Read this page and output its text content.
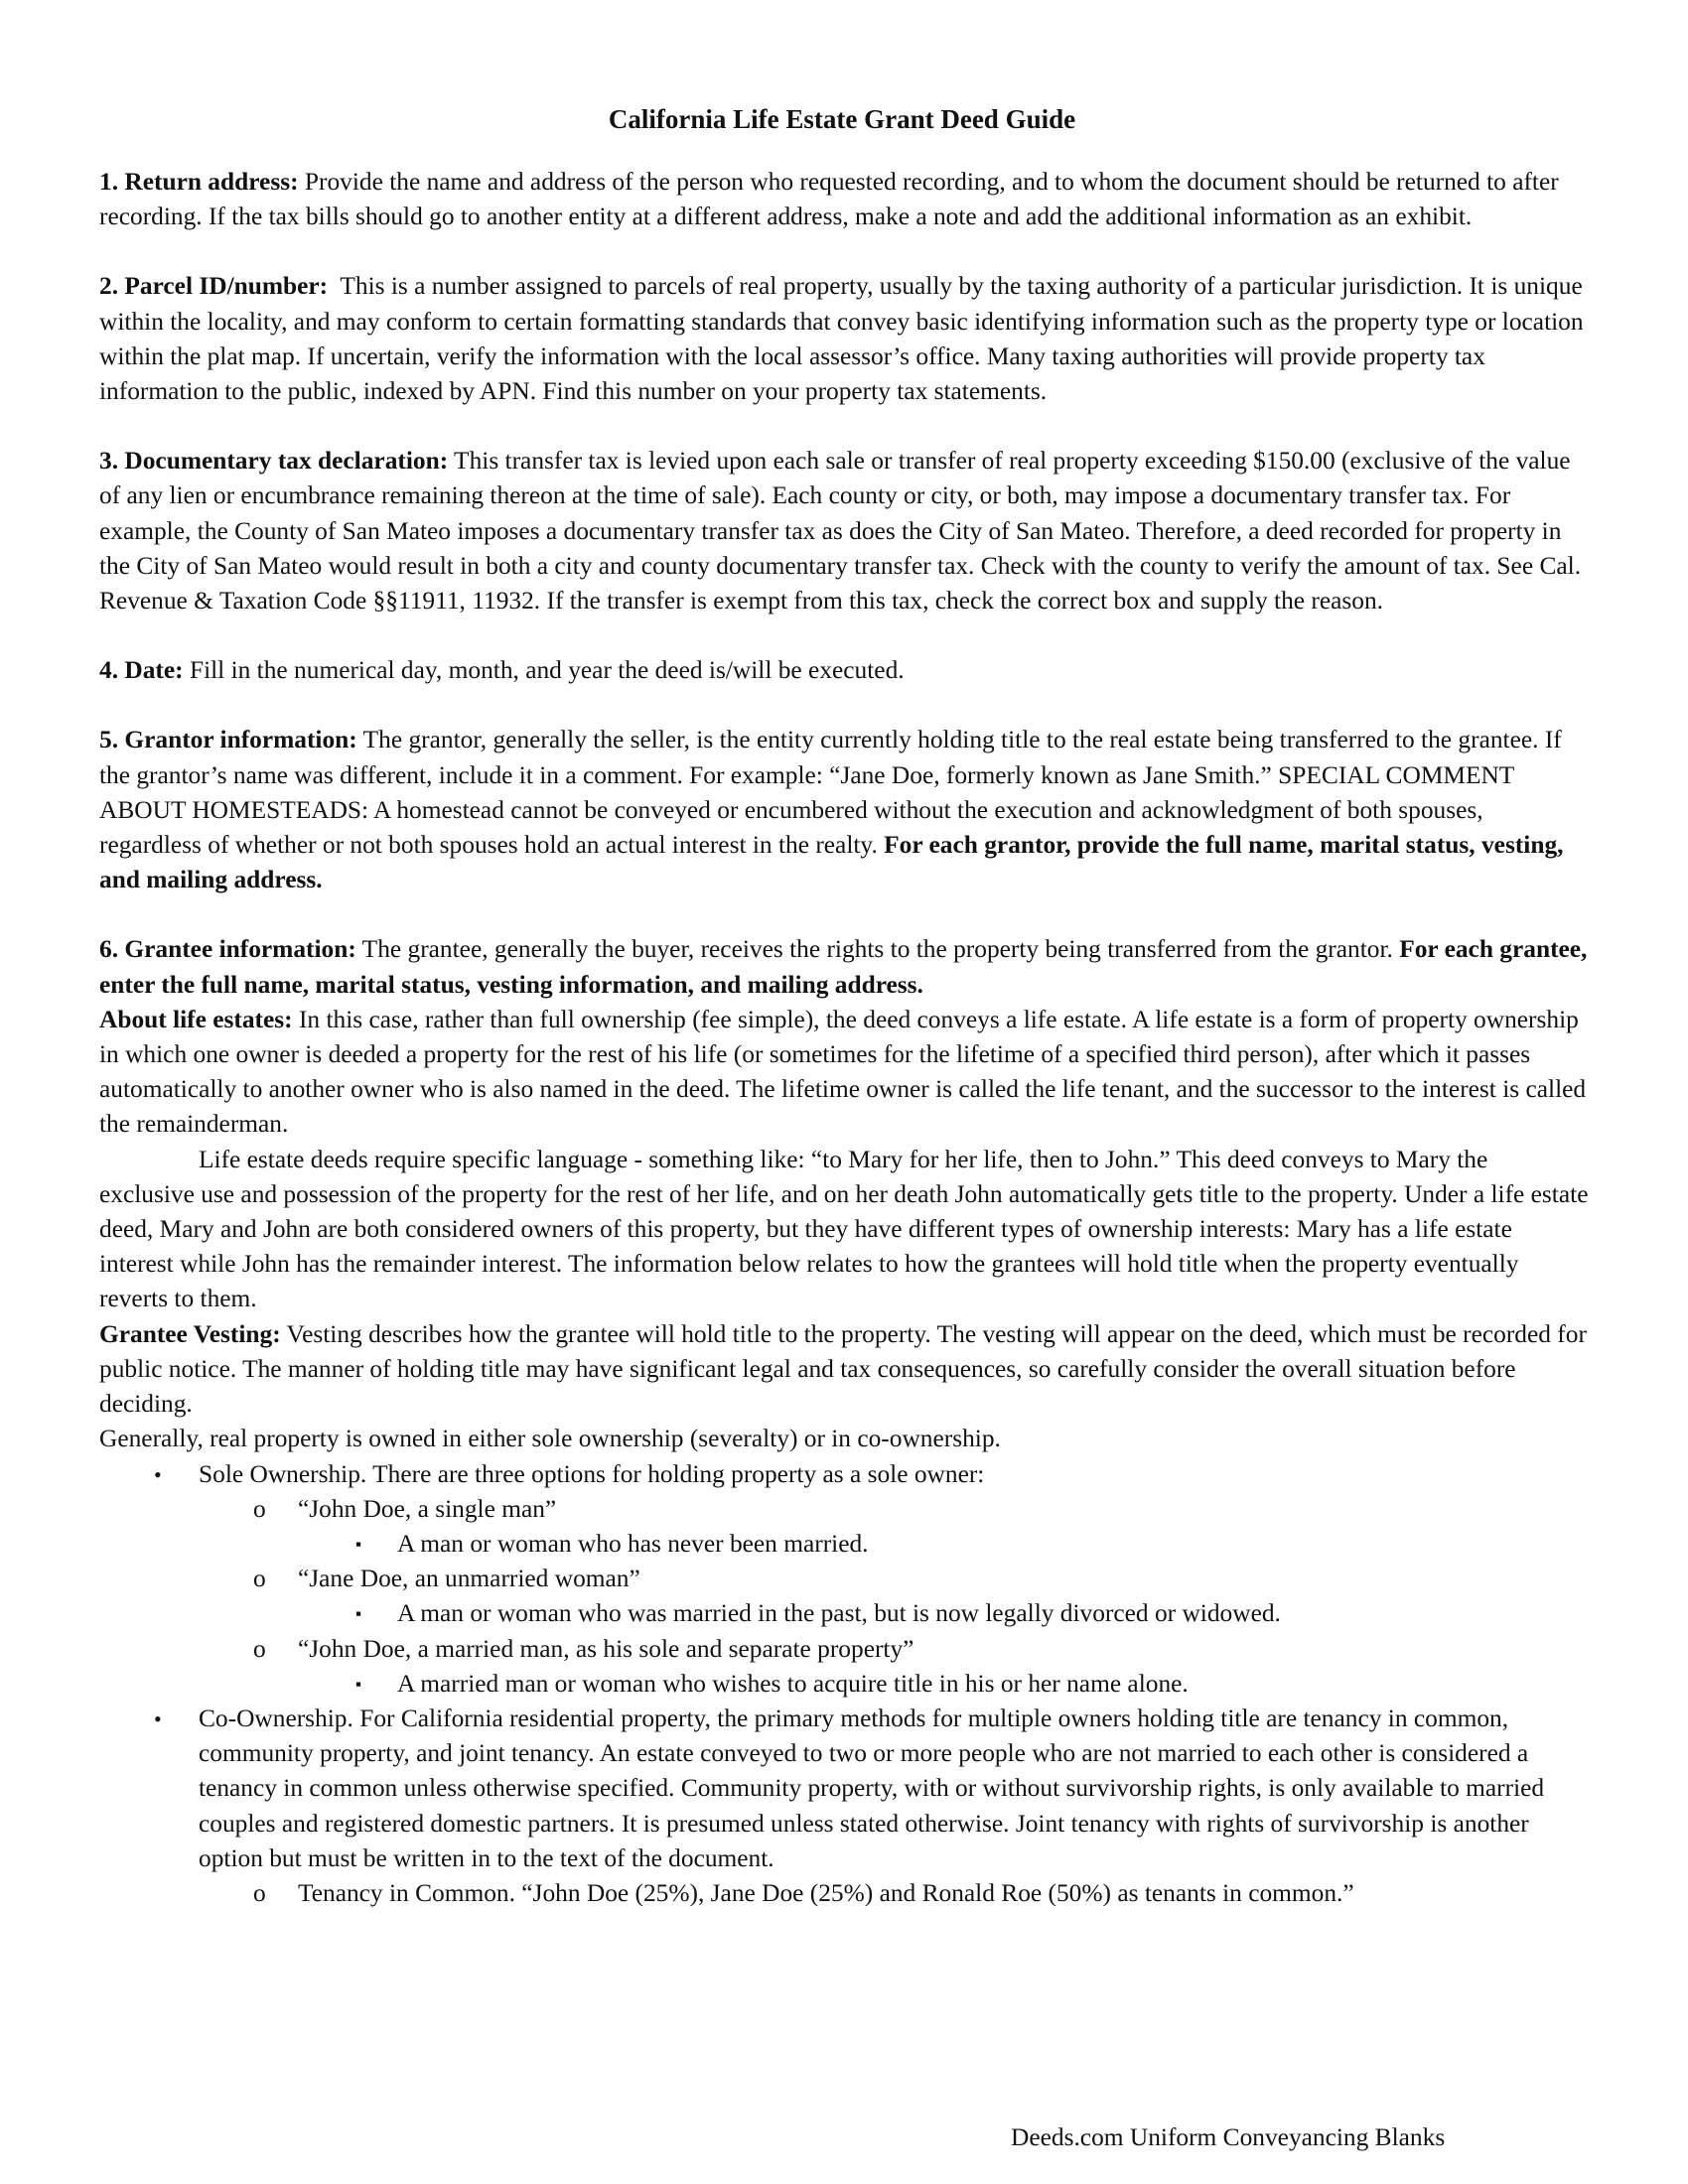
California Life Estate Grant Deed Guide

1. Return address: Provide the name and address of the person who requested recording, and to whom the document should be returned to after recording. If the tax bills should go to another entity at a different address, make a note and add the additional information as an exhibit.

2. Parcel ID/number:  This is a number assigned to parcels of real property, usually by the taxing authority of a particular jurisdiction. It is unique within the locality, and may conform to certain formatting standards that convey basic identifying information such as the property type or location within the plat map. If uncertain, verify the information with the local assessor’s office. Many taxing authorities will provide property tax information to the public, indexed by APN. Find this number on your property tax statements.

3. Documentary tax declaration: This transfer tax is levied upon each sale or transfer of real property exceeding $150.00 (exclusive of the value of any lien or encumbrance remaining thereon at the time of sale). Each county or city, or both, may impose a documentary transfer tax. For example, the County of San Mateo imposes a documentary transfer tax as does the City of San Mateo. Therefore, a deed recorded for property in the City of San Mateo would result in both a city and county documentary transfer tax. Check with the county to verify the amount of tax. See Cal. Revenue & Taxation Code §§11911, 11932. If the transfer is exempt from this tax, check the correct box and supply the reason.

4. Date: Fill in the numerical day, month, and year the deed is/will be executed.

5. Grantor information: The grantor, generally the seller, is the entity currently holding title to the real estate being transferred to the grantee. If the grantor’s name was different, include it in a comment. For example: “Jane Doe, formerly known as Jane Smith.” SPECIAL COMMENT ABOUT HOMESTEADS: A homestead cannot be conveyed or encumbered without the execution and acknowledgment of both spouses, regardless of whether or not both spouses hold an actual interest in the realty. For each grantor, provide the full name, marital status, vesting, and mailing address.

6. Grantee information: The grantee, generally the buyer, receives the rights to the property being transferred from the grantor. For each grantee, enter the full name, marital status, vesting information, and mailing address.

About life estates: In this case, rather than full ownership (fee simple), the deed conveys a life estate. A life estate is a form of property ownership in which one owner is deeded a property for the rest of his life (or sometimes for the lifetime of a specified third person), after which it passes automatically to another owner who is also named in the deed. The lifetime owner is called the life tenant, and the successor to the interest is called the remainderman.

Life estate deeds require specific language - something like: “to Mary for her life, then to John.” This deed conveys to Mary the exclusive use and possession of the property for the rest of her life, and on her death John automatically gets title to the property. Under a life estate deed, Mary and John are both considered owners of this property, but they have different types of ownership interests: Mary has a life estate interest while John has the remainder interest. The information below relates to how the grantees will hold title when the property eventually reverts to them.

Grantee Vesting: Vesting describes how the grantee will hold title to the property. The vesting will appear on the deed, which must be recorded for public notice. The manner of holding title may have significant legal and tax consequences, so carefully consider the overall situation before deciding.

Generally, real property is owned in either sole ownership (severalty) or in co-ownership.

• Sole Ownership. There are three options for holding property as a sole owner:
o “John Doe, a single man”
▪ A man or woman who has never been married.
o “Jane Doe, an unmarried woman”
▪ A man or woman who was married in the past, but is now legally divorced or widowed.
o “John Doe, a married man, as his sole and separate property”
▪ A married man or woman who wishes to acquire title in his or her name alone.
• Co-Ownership. For California residential property, the primary methods for multiple owners holding title are tenancy in common, community property, and joint tenancy. An estate conveyed to two or more people who are not married to each other is considered a tenancy in common unless otherwise specified. Community property, with or without survivorship rights, is only available to married couples and registered domestic partners. It is presumed unless stated otherwise. Joint tenancy with rights of survivorship is another option but must be written in to the text of the document.
o Tenancy in Common. “John Doe (25%), Jane Doe (25%) and Ronald Roe (50%) as tenants in common.”
Deeds.com Uniform Conveyancing Blanks
